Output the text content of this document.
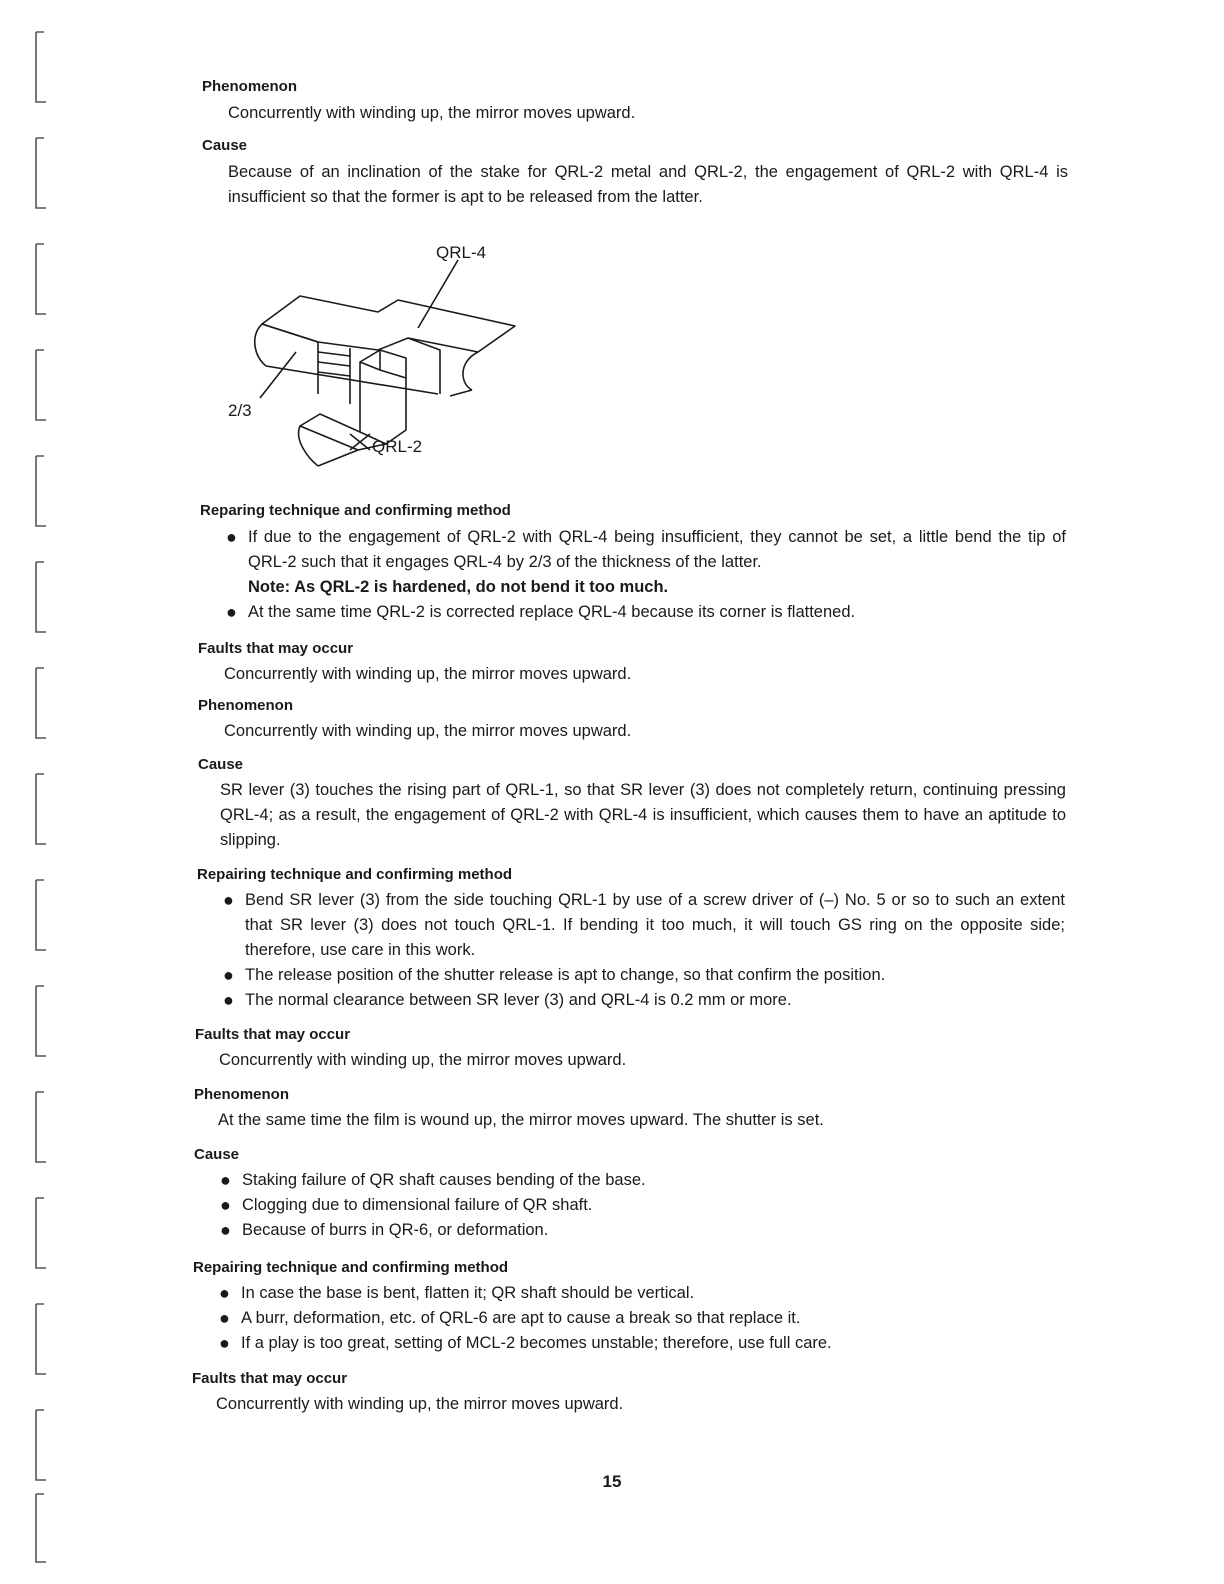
Phenomenon

Concurrently with winding up, the mirror moves upward.

Cause

Because of an inclination of the stake for QRL-2 metal and QRL-2, the engagement of QRL-2 with QRL-4 is insufficient so that the former is apt to be released from the latter.

QRL-4
2/3
QRL-2

Reparing technique and confirming method

● If due to the engagement of QRL-2 with QRL-4 being insufficient, they cannot be set, a little bend the tip of QRL-2 such that it engages QRL-4 by 2/3 of the thickness of the latter.
Note: As QRL-2 is hardened, do not bend it too much.
● At the same time QRL-2 is corrected replace QRL-4 because its corner is flattened.

Faults that may occur

Concurrently with winding up, the mirror moves upward.

Phenomenon

Concurrently with winding up, the mirror moves upward.

Cause

SR lever (3) touches the rising part of QRL-1, so that SR lever (3) does not completely return, continuing pressing QRL-4; as a result, the engagement of QRL-2 with QRL-4 is insufficient, which causes them to have an aptitude to slipping.

Repairing technique and confirming method

● Bend SR lever (3) from the side touching QRL-1 by use of a screw driver of (–) No. 5 or so to such an extent that SR lever (3) does not touch QRL-1. If bending it too much, it will touch GS ring on the opposite side; therefore, use care in this work.
● The release position of the shutter release is apt to change, so that confirm the position.
● The normal clearance between SR lever (3) and QRL-4 is 0.2 mm or more.

Faults that may occur

Concurrently with winding up, the mirror moves upward.

Phenomenon

At the same time the film is wound up, the mirror moves upward. The shutter is set.

Cause

● Staking failure of QR shaft causes bending of the base.
● Clogging due to dimensional failure of QR shaft.
● Because of burrs in QR-6, or deformation.

Repairing technique and confirming method

● In case the base is bent, flatten it; QR shaft should be vertical.
● A burr, deformation, etc. of QRL-6 are apt to cause a break so that replace it.
● If a play is too great, setting of MCL-2 becomes unstable; therefore, use full care.

Faults that may occur

Concurrently with winding up, the mirror moves upward.

15
